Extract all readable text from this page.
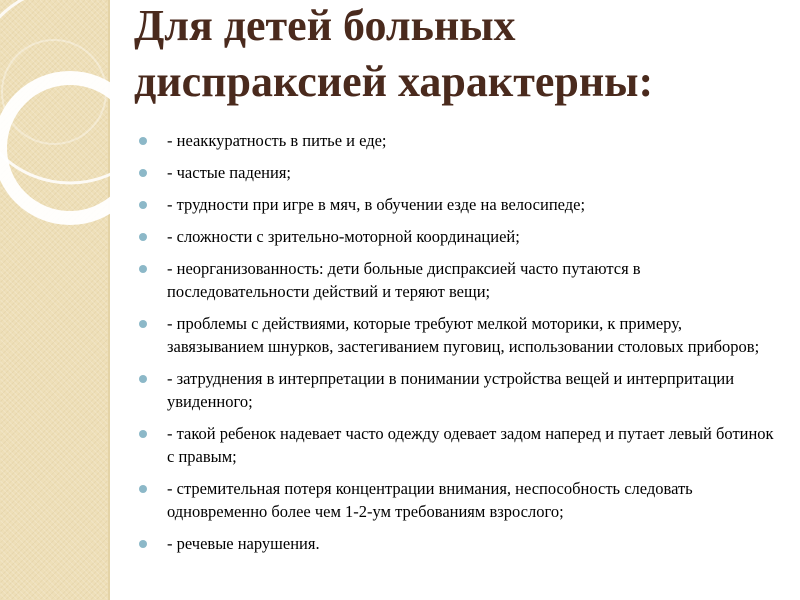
Для детей больных
диспраксией характерны:
- неаккуратность в питье и еде;
- частые падения;
- трудности при игре в мяч, в обучении езде на велосипеде;
- сложности с зрительно-моторной координацией;
- неорганизованность: дети больные диспраксией часто путаются в последовательности действий и теряют вещи;
- проблемы с действиями, которые требуют мелкой моторики, к примеру, завязыванием шнурков, застегиванием пуговиц, использовании столовых приборов;
- затруднения в интерпретации в понимании устройства вещей и интерпритации увиденного;
- такой ребенок надевает часто одежду одевает задом наперед и путает левый ботинок с правым;
- стремительная потеря концентрации внимания, неспособность следовать одновременно более чем 1-2-ум требованиям взрослого;
- речевые нарушения.
